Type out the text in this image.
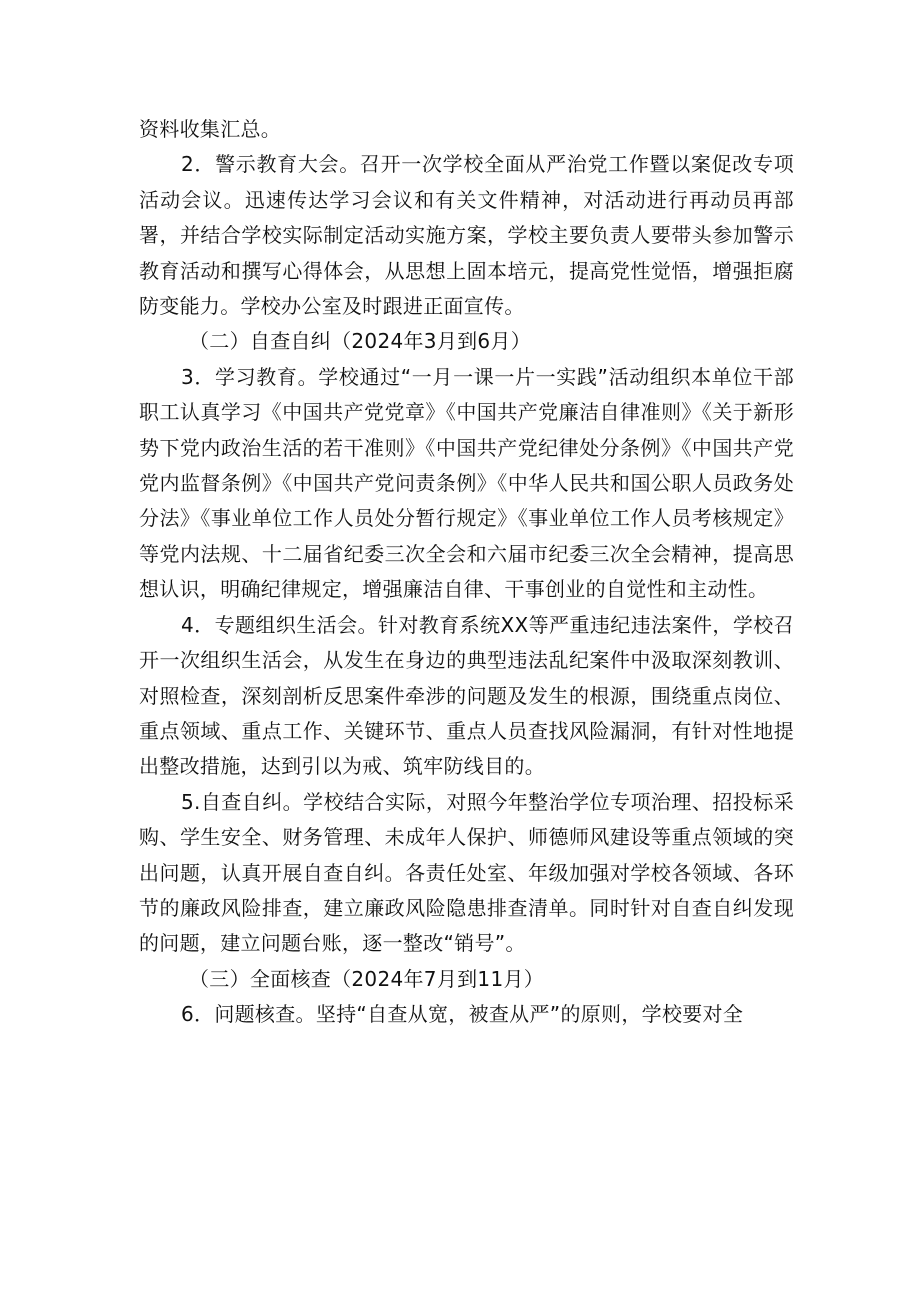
资料收集汇总。

2．警示教育大会。召开一次学校全面从严治党工作暨以案促改专项活动会议。迅速传达学习会议和有关文件精神，对活动进行再动员再部署，并结合学校实际制定活动实施方案，学校主要负责人要带头参加警示教育活动和撰写心得体会，从思想上固本培元，提高党性觉悟，增强拒腐防变能力。学校办公室及时跟进正面宣传。

（二）自查自纠（2024年3月到6月）

3．学习教育。学校通过“一月一课一片一实践”活动组织本单位干部职工认真学习《中国共产党党章》《中国共产党廉洁自律准则》《关于新形势下党内政治生活的若干准则》《中国共产党纪律处分条例》《中国共产党党内监督条例》《中国共产党问责条例》《中华人民共和国公职人员政务处分法》《事业单位工作人员处分暂行规定》《事业单位工作人员考核规定》等党内法规、十二届省纪委三次全会和六届市纪委三次全会精神，提高思想认识，明确纪律规定，增强廉洁自律、干事创业的自觉性和主动性。

4．专题组织生活会。针对教育系统XX等严重违纪违法案件，学校召开一次组织生活会，从发生在身边的典型违法乱纪案件中汲取深刻教训、对照检查，深刻剖析反思案件牵涉的问题及发生的根源，围绕重点岗位、重点领域、重点工作、关键环节、重点人员查找风险漏洞，有针对性地提出整改措施，达到引以为戒、筑牢防线目的。

5.自查自纠。学校结合实际，对照今年整治学位专项治理、招投标采购、学生安全、财务管理、未成年人保护、师德师风建设等重点领域的突出问题，认真开展自查自纠。各责任处室、年级加强对学校各领域、各环节的廉政风险排查，建立廉政风险隐患排查清单。同时针对自查自纠发现的问题，建立问题台账，逐一整改“销号”。

（三）全面核查（2024年7月到11月）

6．问题核查。坚持“自查从宽，被查从严”的原则，学校要对全
